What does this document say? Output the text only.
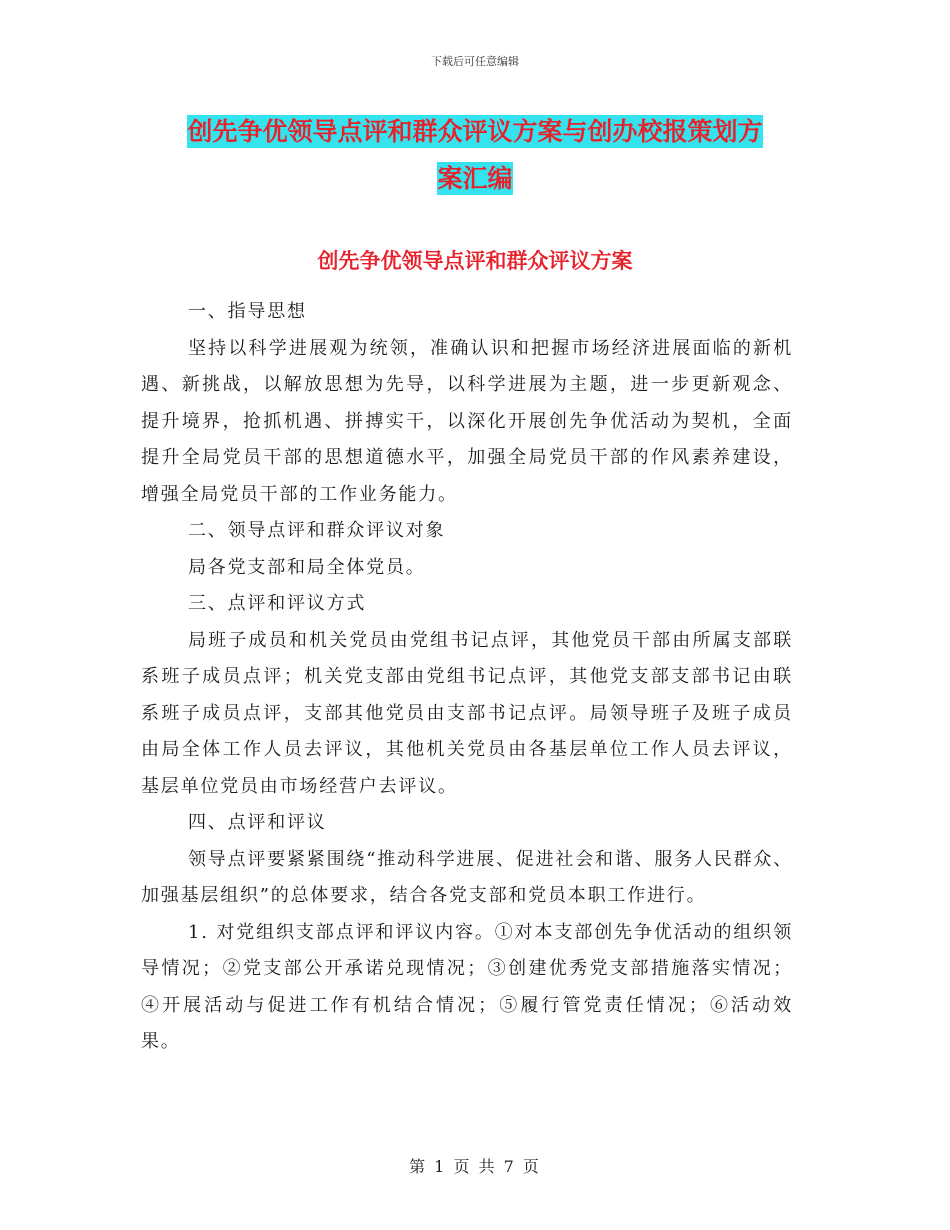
下载后可任意编辑
创先争优领导点评和群众评议方案与创办校报策划方
案汇编
创先争优领导点评和群众评议方案

一、指导思想

坚持以科学进展观为统领，准确认识和把握市场经济进展面临的新机遇、新挑战，以解放思想为先导，以科学进展为主题，进一步更新观念、提升境界，抢抓机遇、拼搏实干，以深化开展创先争优活动为契机，全面提升全局党员干部的思想道德水平，加强全局党员干部的作风素养建设，增强全局党员干部的工作业务能力。

二、领导点评和群众评议对象

局各党支部和局全体党员。

三、点评和评议方式

局班子成员和机关党员由党组书记点评，其他党员干部由所属支部联系班子成员点评；机关党支部由党组书记点评，其他党支部支部书记由联系班子成员点评，支部其他党员由支部书记点评。局领导班子及班子成员由局全体工作人员去评议，其他机关党员由各基层单位工作人员去评议，基层单位党员由市场经营户去评议。

四、点评和评议

领导点评要紧紧围绕“推动科学进展、促进社会和谐、服务人民群众、加强基层组织”的总体要求，结合各党支部和党员本职工作进行。

1. 对党组织支部点评和评议内容。①对本支部创先争优活动的组织领导情况；②党支部公开承诺兑现情况；③创建优秀党支部措施落实情况；④开展活动与促进工作有机结合情况；⑤履行管党责任情况；⑥活动效果。

第 1 页 共 7 页
